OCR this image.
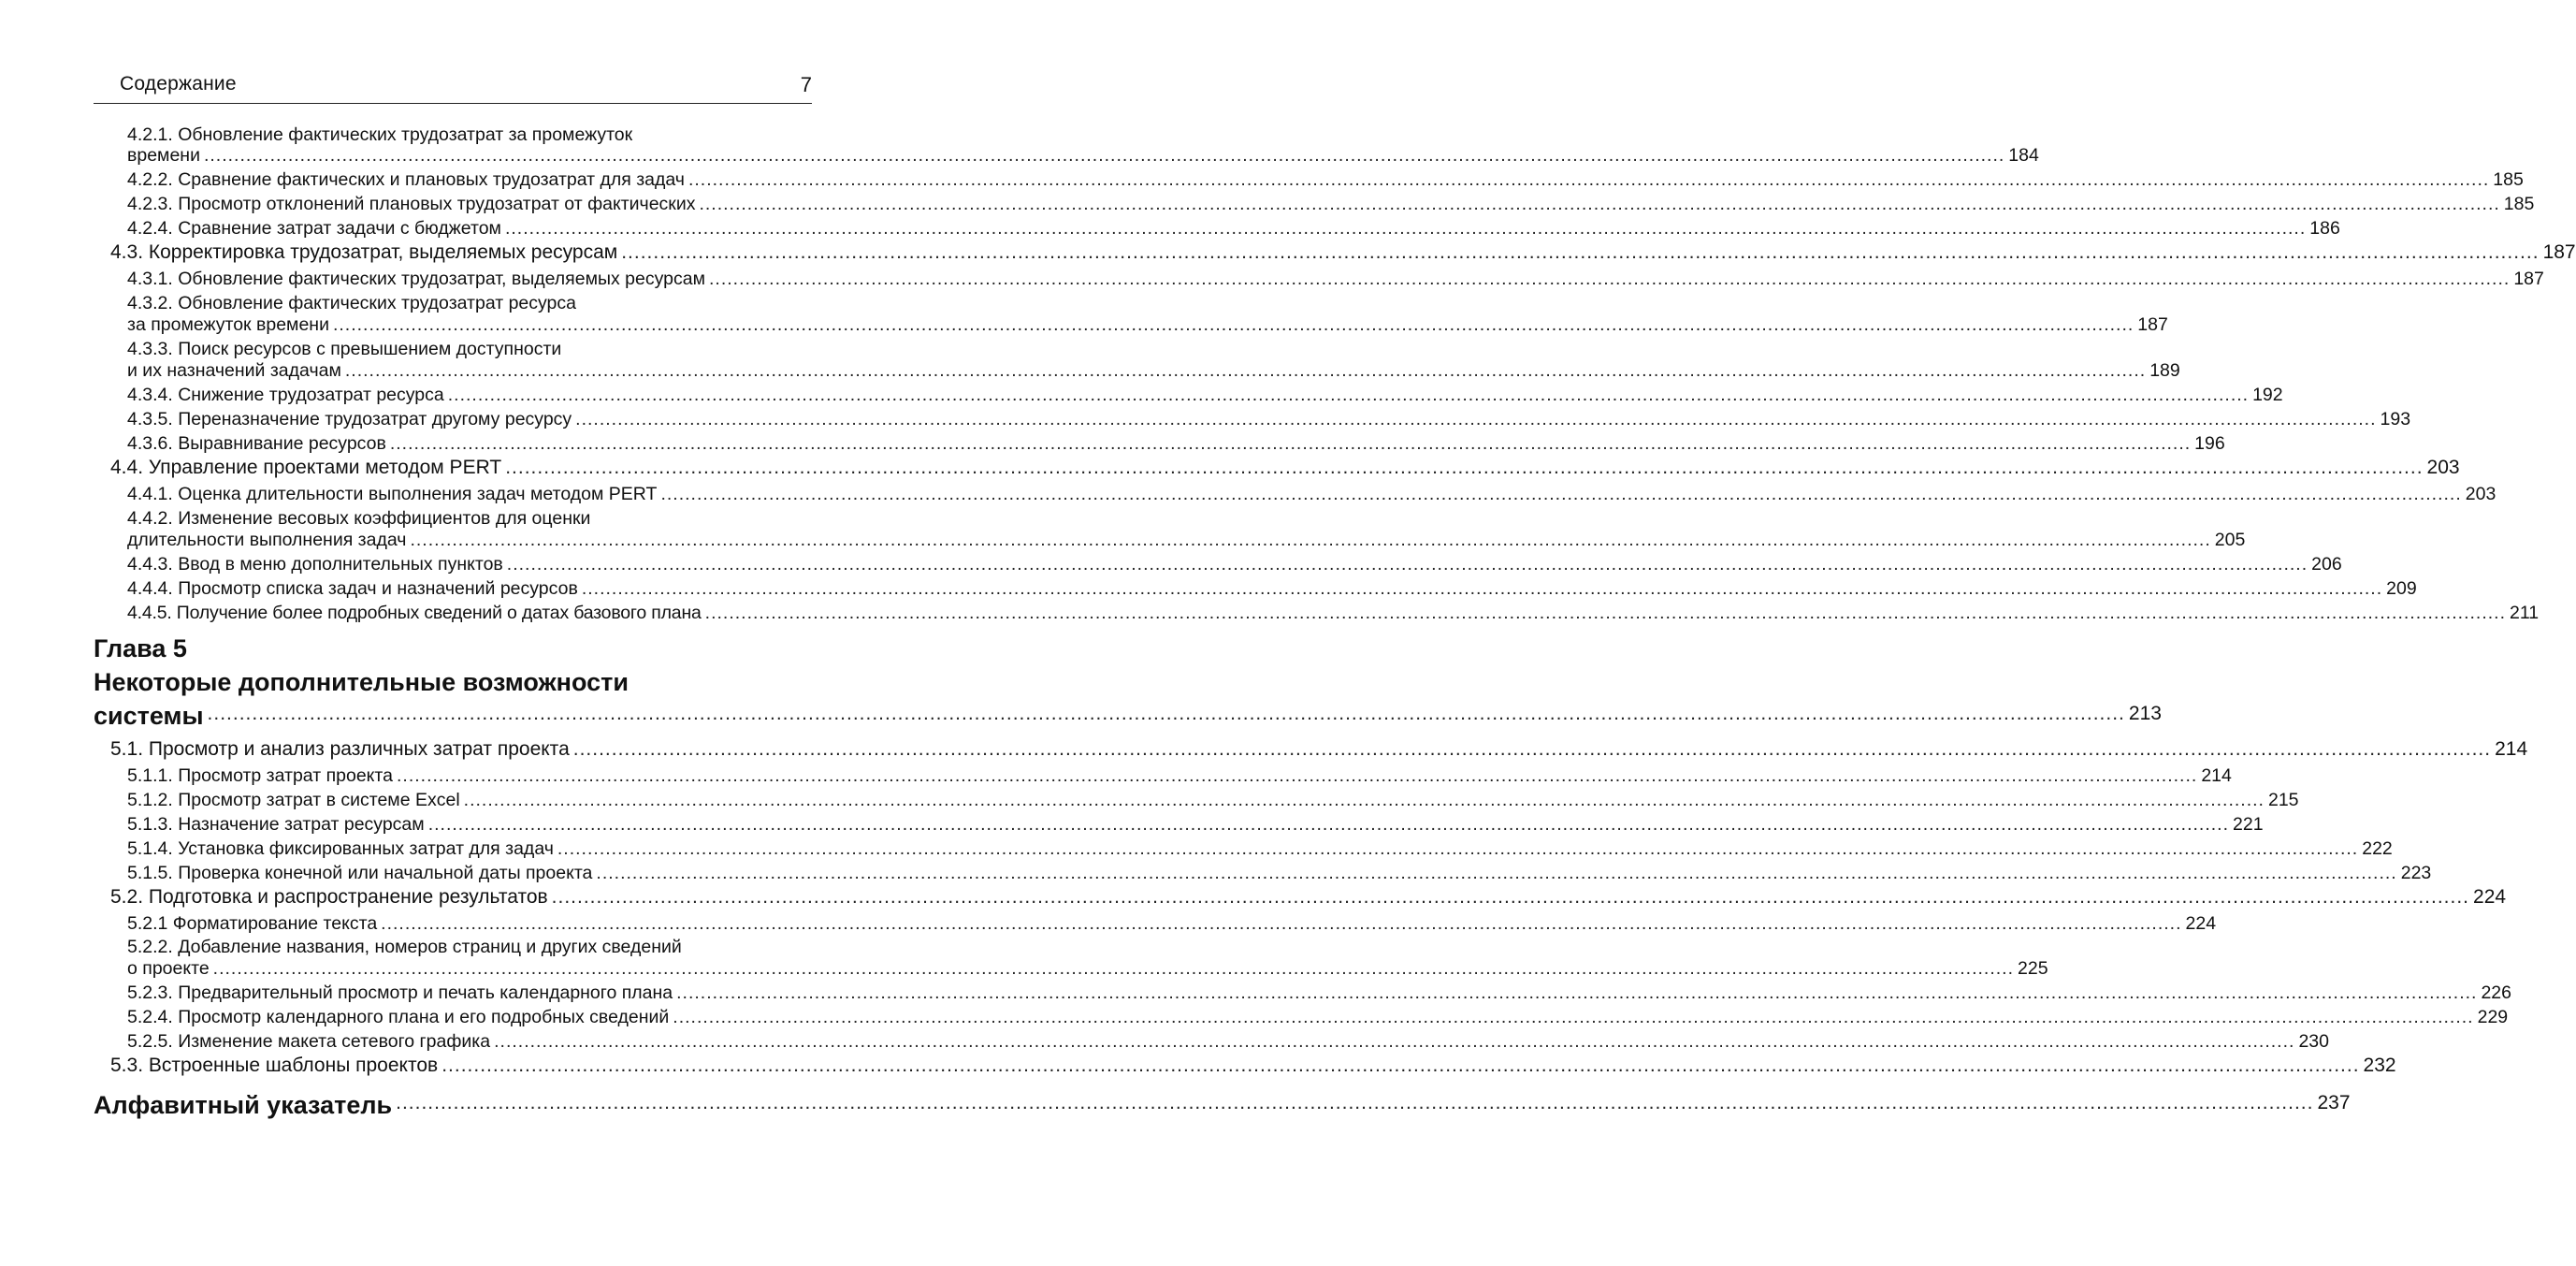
Содержание	7
4.2.1. Обновление фактических трудозатрат за промежуток
времени ............................................................................................................................................................................................................................................................................................................ 184
4.2.2. Сравнение фактических и плановых трудозатрат для задач ............................................................................................................................................................................................................................................................................................................ 185
4.2.3. Просмотр отклонений плановых трудозатрат от фактических ............................................................................................................................................................................................................................................................................................................ 185
4.2.4. Сравнение затрат задачи с бюджетом ............................................................................................................................................................................................................................................................................................................ 186
4.3. Корректировка трудозатрат, выделяемых ресурсам ............................................................................................................................................................................................................................................................................................................ 187
4.3.1. Обновление фактических трудозатрат, выделяемых ресурсам ............................................................................................................................................................................................................................................................................................................ 187
4.3.2. Обновление фактических трудозатрат ресурса
за промежуток времени ............................................................................................................................................................................................................................................................................................................ 187
4.3.3. Поиск ресурсов с превышением доступности
и их назначений задачам ............................................................................................................................................................................................................................................................................................................ 189
4.3.4. Снижение трудозатрат ресурса ............................................................................................................................................................................................................................................................................................................ 192
4.3.5. Переназначение трудозатрат другому ресурсу ............................................................................................................................................................................................................................................................................................................ 193
4.3.6. Выравнивание ресурсов ............................................................................................................................................................................................................................................................................................................ 196
4.4. Управление проектами методом PERT ............................................................................................................................................................................................................................................................................................................ 203
4.4.1. Оценка длительности выполнения задач методом PERT ............................................................................................................................................................................................................................................................................................................ 203
4.4.2. Изменение весовых коэффициентов для оценки
длительности выполнения задач ............................................................................................................................................................................................................................................................................................................ 205
4.4.3. Ввод в меню дополнительных пунктов ............................................................................................................................................................................................................................................................................................................ 206
4.4.4. Просмотр списка задач и назначений ресурсов ............................................................................................................................................................................................................................................................................................................ 209
4.4.5. Получение более подробных сведений о датах базового плана ............................................................................................................................................................................................................................................................................................................ 211
Глава 5
Некоторые дополнительные возможности
системы ............................................................................................................................................................................................................................................................................................................ 213
5.1. Просмотр и анализ различных затрат проекта ............................................................................................................................................................................................................................................................................................................ 214
5.1.1. Просмотр затрат проекта ............................................................................................................................................................................................................................................................................................................ 214
5.1.2. Просмотр затрат в системе Excel ............................................................................................................................................................................................................................................................................................................ 215
5.1.3. Назначение затрат ресурсам ............................................................................................................................................................................................................................................................................................................ 221
5.1.4. Установка фиксированных затрат для задач ............................................................................................................................................................................................................................................................................................................ 222
5.1.5. Проверка конечной или начальной даты проекта ............................................................................................................................................................................................................................................................................................................ 223
5.2. Подготовка и распространение результатов ............................................................................................................................................................................................................................................................................................................ 224
5.2.1 Форматирование текста ............................................................................................................................................................................................................................................................................................................ 224
5.2.2. Добавление названия, номеров страниц и других сведений
о проекте ............................................................................................................................................................................................................................................................................................................ 225
5.2.3. Предварительный просмотр и печать календарного плана ............................................................................................................................................................................................................................................................................................................ 226
5.2.4. Просмотр календарного плана и его подробных сведений ............................................................................................................................................................................................................................................................................................................ 229
5.2.5. Изменение макета сетевого графика ............................................................................................................................................................................................................................................................................................................ 230
5.3. Встроенные шаблоны проектов ............................................................................................................................................................................................................................................................................................................ 232
Алфавитный указатель ............................................................................................................................................................................................................................................................................................................ 237
